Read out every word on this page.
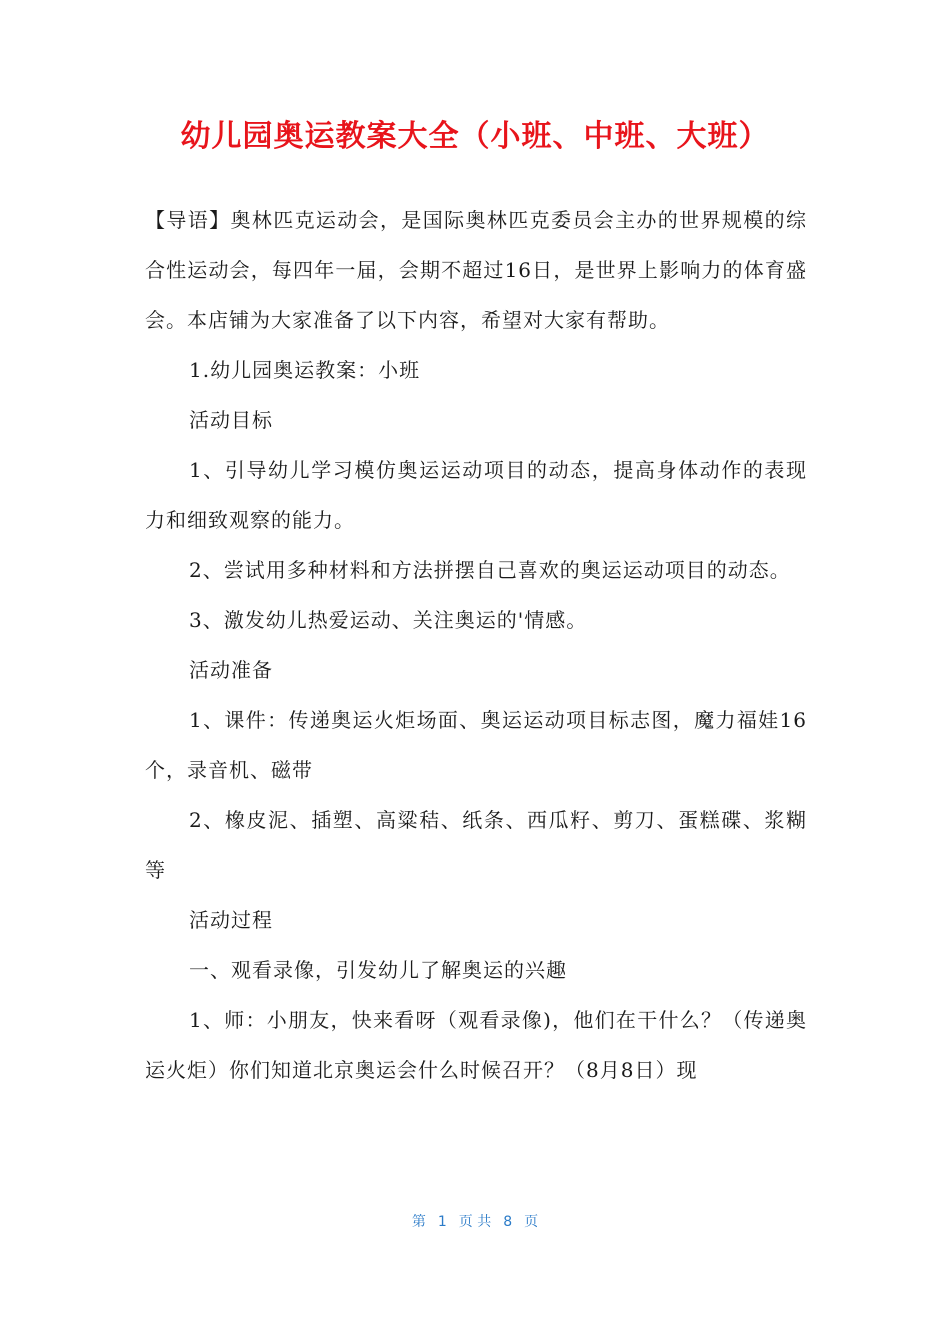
幼儿园奥运教案大全（小班、中班、大班）

【导语】奥林匹克运动会，是国际奥林匹克委员会主办的世界规模的综合性运动会，每四年一届，会期不超过16日，是世界上影响力的体育盛会。本店铺为大家准备了以下内容，希望对大家有帮助。

1.幼儿园奥运教案：小班

活动目标

1、引导幼儿学习模仿奥运运动项目的动态，提高身体动作的表现力和细致观察的能力。

2、尝试用多种材料和方法拼摆自己喜欢的奥运运动项目的动态。

3、激发幼儿热爱运动、关注奥运的'情感。

活动准备

1、课件：传递奥运火炬场面、奥运运动项目标志图，魔力福娃16个，录音机、磁带

2、橡皮泥、插塑、高粱秸、纸条、西瓜籽、剪刀、蛋糕碟、浆糊等

活动过程

一、观看录像，引发幼儿了解奥运的兴趣

1、师：小朋友，快来看呀（观看录像)，他们在干什么？（传递奥运火炬）你们知道北京奥运会什么时候召开？（8月8日）现

第 1 页 共 8 页
